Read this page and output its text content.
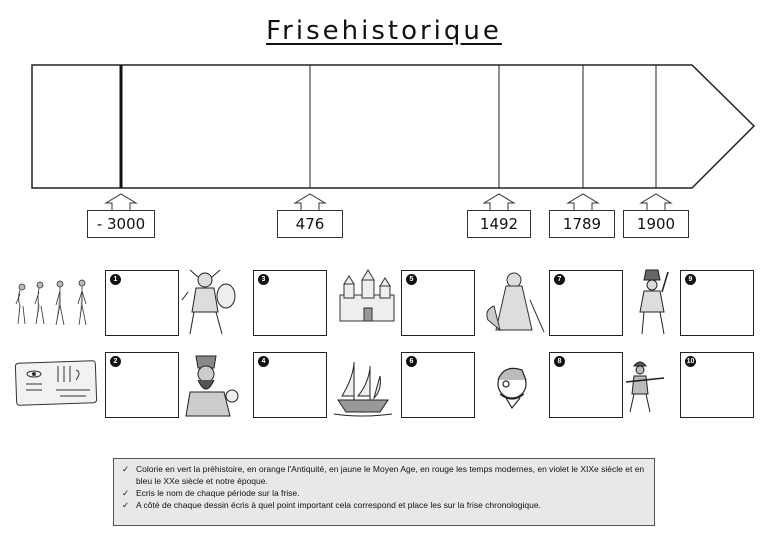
Frisehistorique
- 3000	476	1492	1789	1900
1	3	5	7	9
2	4	6	8	10
✓ Colorie en vert la préhistoire, en orange l'Antiquité, en jaune le Moyen Age, en rouge les temps modernes, en violet le XIXe siècle et en bleu le XXe siècle et notre époque.
✓ Ecris le nom de chaque période sur la frise.
✓ A côté de chaque dessin écris à quel point important cela correspond et place les sur la frise chronologique.
